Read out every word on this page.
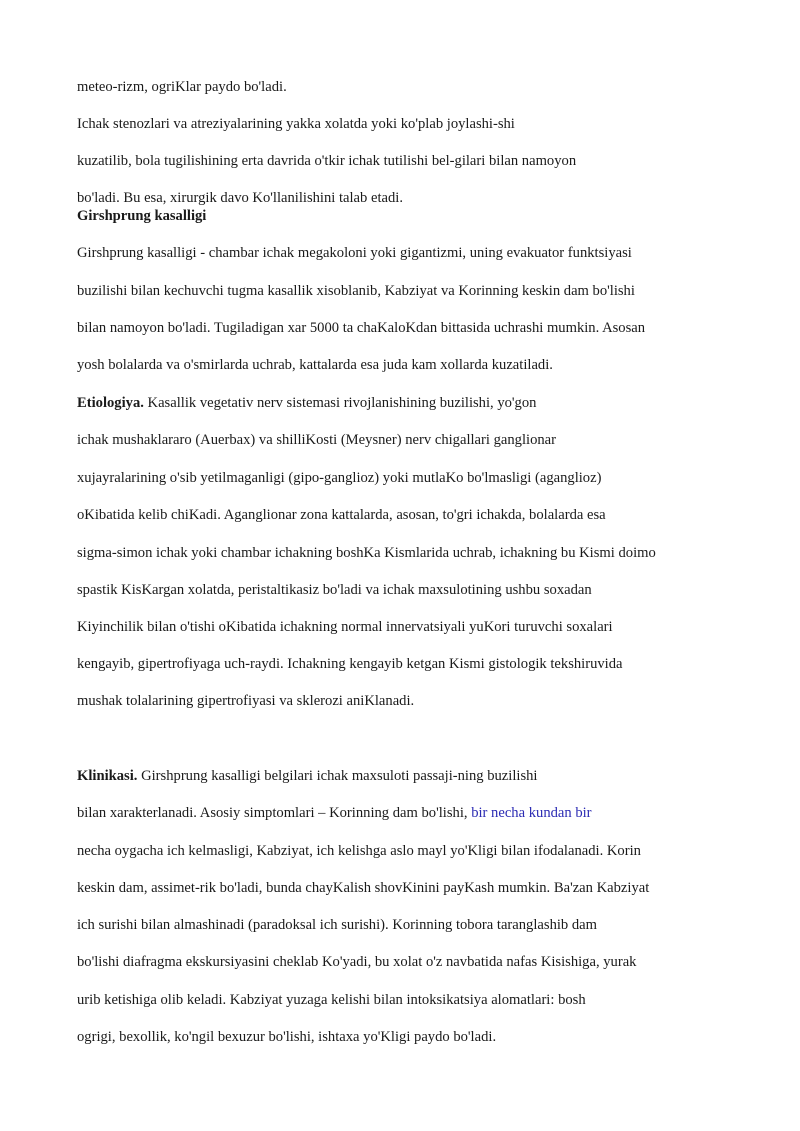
meteo-rizm, ogriKlar paydo bo'ladi.
Ichak stenozlari va atreziyalarining yakka xolatda yoki ko'plab joylashi-shi
kuzatilib, bola tugilishining erta davrida o'tkir ichak tutilishi bel-gilari bilan namoyon
bo'ladi. Bu esa, xirurgik davo Ko'llanilishini talab etadi.
Girshprung kasalligi
Girshprung kasalligi - chambar ichak megakoloni yoki gigantizmi, uning evakuator funktsiyasi
buzilishi bilan kechuvchi tugma kasallik xisoblanib, Kabziyat va Korinning keskin dam bo'lishi
bilan namoyon bo'ladi. Tugiladigan xar 5000 ta chaKaloKdan bittasida uchrashi mumkin. Asosan
yosh bolalarda va o'smirlarda uchrab, kattalarda esa juda kam xollarda kuzatiladi.
Etiologiya. Kasallik vegetativ nerv sistemasi rivojlanishining buzilishi, yo'gon
ichak mushaklararo (Auerbax) va shilliKosti (Meysner) nerv chigallari ganglionar
xujayralarining o'sib yetilmaganligi (gipo-ganglioz) yoki mutlaKo bo'lmasligi (aganglioz)
oKibatida kelib chiKadi. Aganglionar zona kattalarda, asosan, to'gri ichakda, bolalarda esa
sigma-simon ichak yoki chambar ichakning boshKa Kismlarida uchrab, ichakning bu Kismi doimo
spastik KisKargan xolatda, peristaltikasiz bo'ladi va ichak maxsulotining ushbu soxadan
Kiyinchilik bilan o'tishi oKibatida ichakning normal innervatsiyali yuKori turuvchi soxalari
kengayib, gipertrofiyaga uch-raydi. Ichakning kengayib ketgan Kismi gistologik tekshiruvida
mushak tolalarining gipertrofiyasi va sklerozi aniKlanadi.
Klinikasi. Girshprung kasalligi belgilari ichak maxsuloti passaji-ning buzilishi
bilan xarakterlanadi. Asosiy simptomlari – Korinning dam bo'lishi, bir necha kundan bir
necha oygacha ich kelmasligi, Kabziyat, ich kelishga aslo mayl yo'Kligi bilan ifodalanadi. Korin
keskin dam, assimet-rik bo'ladi, bunda chayKalish shovKinini payKash mumkin. Ba'zan Kabziyat
ich surishi bilan almashinadi (paradoksal ich surishi). Korinning tobora taranglashib dam
bo'lishi diafragma ekskursiyasini cheklab Ko'yadi, bu xolat o'z navbatida nafas Kisishiga, yurak
urib ketishiga olib keladi. Kabziyat yuzaga kelishi bilan intoksikatsiya alomatlari: bosh
ogrigi, bexollik, ko'ngil bexuzur bo'lishi, ishtaxa yo'Kligi paydo bo'ladi.
